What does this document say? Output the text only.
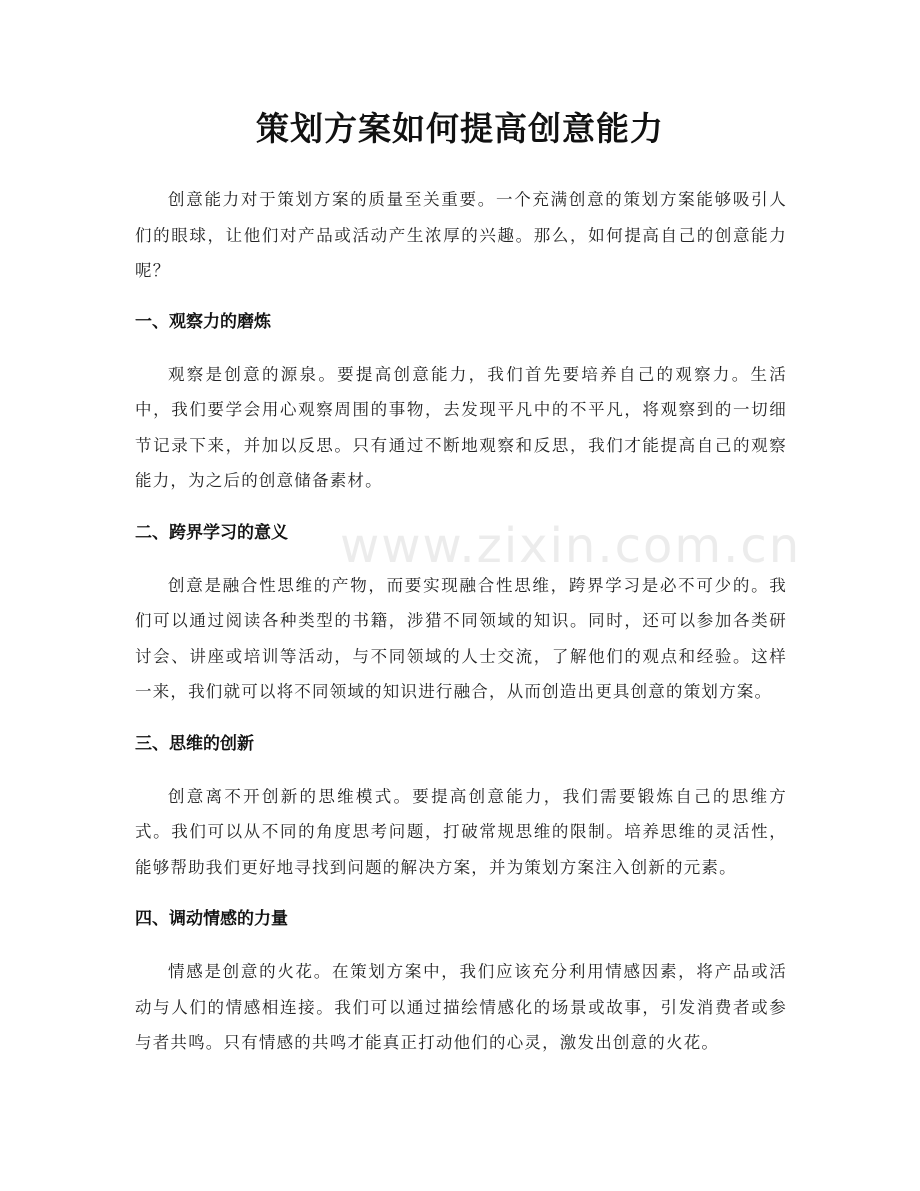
策划方案如何提高创意能力
www.zixin.com.cn

创意能力对于策划方案的质量至关重要。一个充满创意的策划方案能够吸引人们的眼球，让他们对产品或活动产生浓厚的兴趣。那么，如何提高自己的创意能力呢？

一、观察力的磨炼

观察是创意的源泉。要提高创意能力，我们首先要培养自己的观察力。生活中，我们要学会用心观察周围的事物，去发现平凡中的不平凡，将观察到的一切细节记录下来，并加以反思。只有通过不断地观察和反思，我们才能提高自己的观察能力，为之后的创意储备素材。

二、跨界学习的意义

创意是融合性思维的产物，而要实现融合性思维，跨界学习是必不可少的。我们可以通过阅读各种类型的书籍，涉猎不同领域的知识。同时，还可以参加各类研讨会、讲座或培训等活动，与不同领域的人士交流，了解他们的观点和经验。这样一来，我们就可以将不同领域的知识进行融合，从而创造出更具创意的策划方案。

三、思维的创新

创意离不开创新的思维模式。要提高创意能力，我们需要锻炼自己的思维方式。我们可以从不同的角度思考问题，打破常规思维的限制。培养思维的灵活性，能够帮助我们更好地寻找到问题的解决方案，并为策划方案注入创新的元素。

四、调动情感的力量

情感是创意的火花。在策划方案中，我们应该充分利用情感因素，将产品或活动与人们的情感相连接。我们可以通过描绘情感化的场景或故事，引发消费者或参与者共鸣。只有情感的共鸣才能真正打动他们的心灵，激发出创意的火花。
